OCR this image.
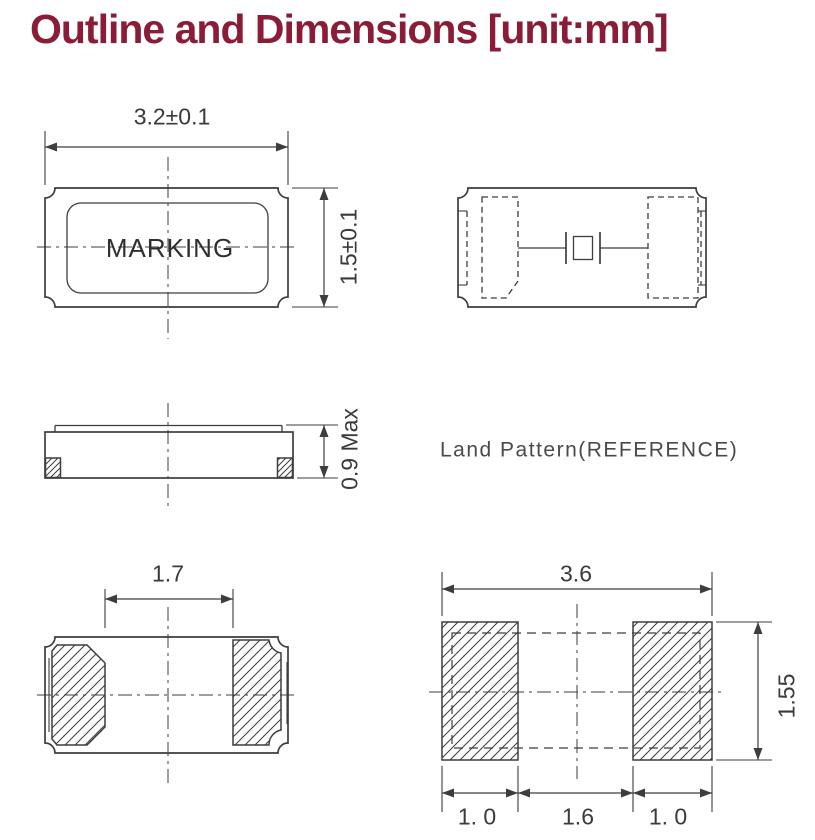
Outline and Dimensions [unit:mm]
3.2±0.1
1.5±0.1
MARKING
0.9 Max	Land Pattern(REFERENCE)
1.7	3.6
1.55
1. 0	1.6 1. 0
